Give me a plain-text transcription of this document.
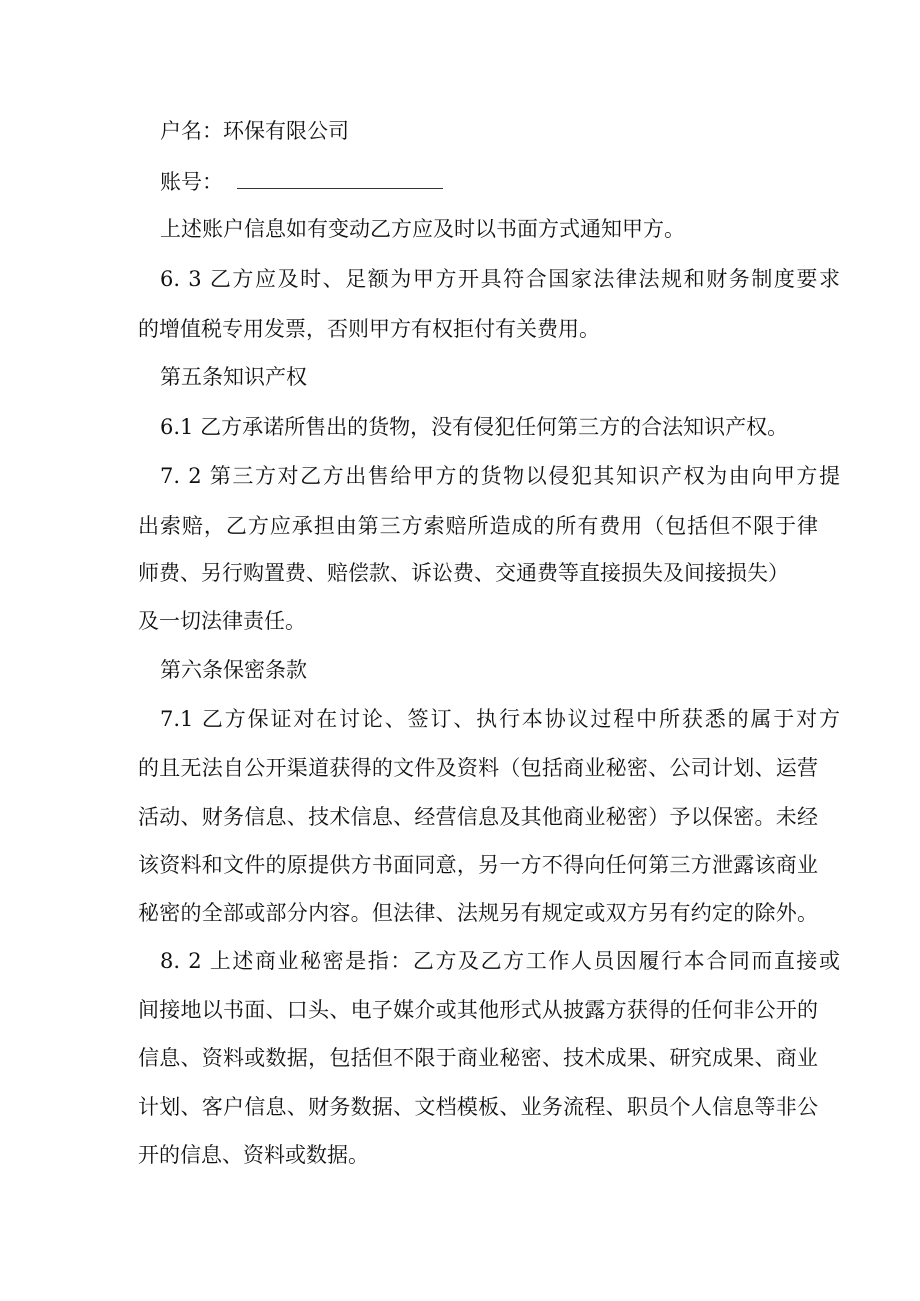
户名：环保有限公司
账号：
上述账户信息如有变动乙方应及时以书面方式通知甲方。
6. 3 乙方应及时、足额为甲方开具符合国家法律法规和财务制度要求
的增值税专用发票，否则甲方有权拒付有关费用。
第五条知识产权
6.1 乙方承诺所售出的货物，没有侵犯任何第三方的合法知识产权。
7. 2 第三方对乙方出售给甲方的货物以侵犯其知识产权为由向甲方提
出索赔，乙方应承担由第三方索赔所造成的所有费用（包括但不限于律
师费、另行购置费、赔偿款、诉讼费、交通费等直接损失及间接损失）
及一切法律责任。
第六条保密条款
7.1 乙方保证对在讨论、签订、执行本协议过程中所获悉的属于对方
的且无法自公开渠道获得的文件及资料（包括商业秘密、公司计划、运营
活动、财务信息、技术信息、经营信息及其他商业秘密）予以保密。未经
该资料和文件的原提供方书面同意，另一方不得向任何第三方泄露该商业
秘密的全部或部分内容。但法律、法规另有规定或双方另有约定的除外。
8. 2 上述商业秘密是指：乙方及乙方工作人员因履行本合同而直接或
间接地以书面、口头、电子媒介或其他形式从披露方获得的任何非公开的
信息、资料或数据，包括但不限于商业秘密、技术成果、研究成果、商业
计划、客户信息、财务数据、文档模板、业务流程、职员个人信息等非公
开的信息、资料或数据。
